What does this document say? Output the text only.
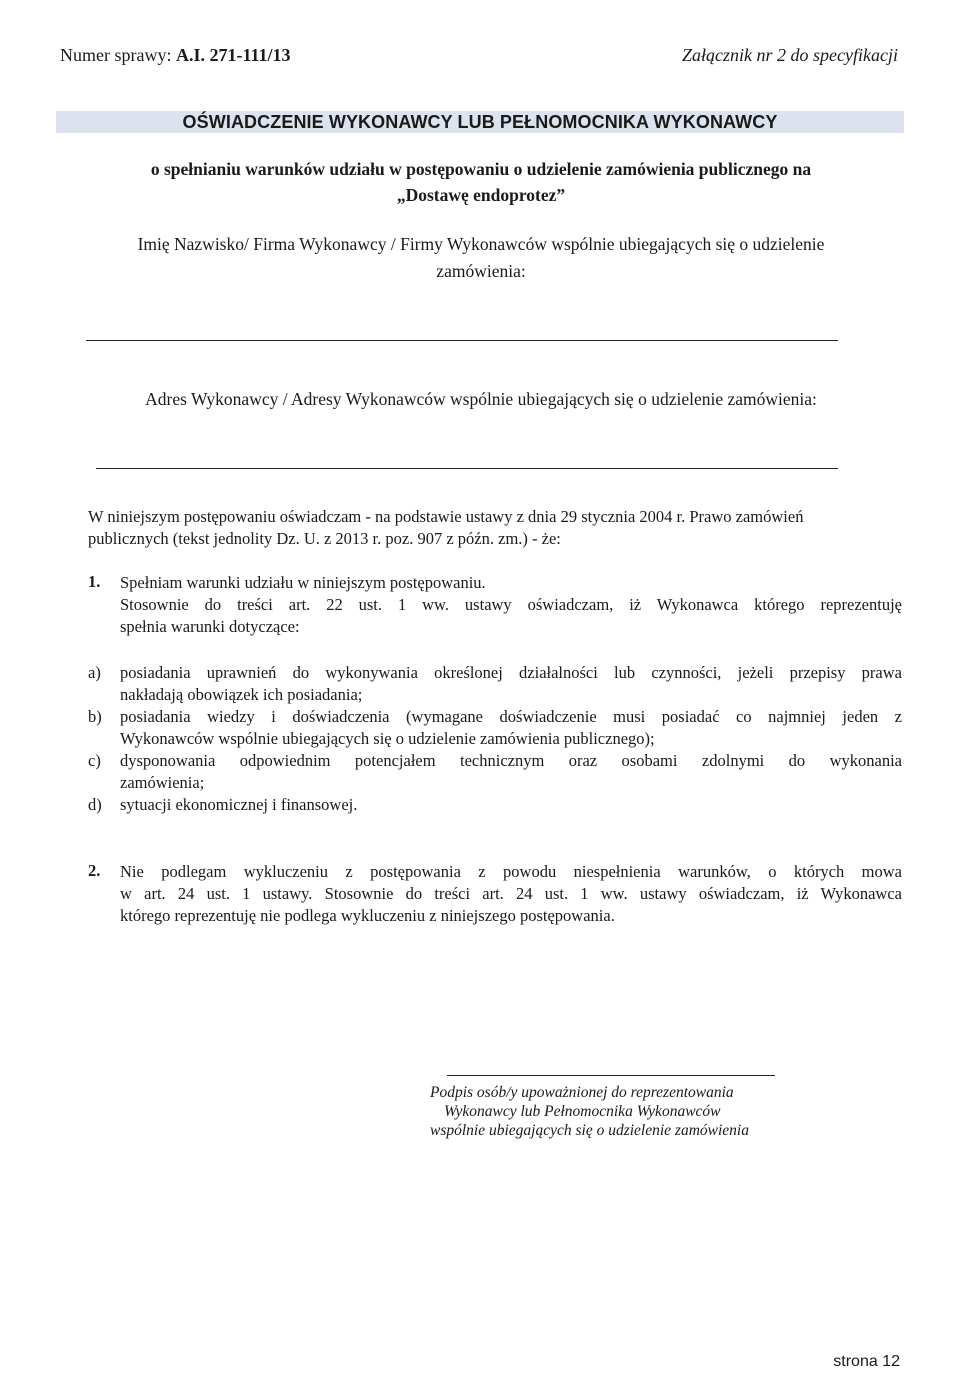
Numer sprawy: A.I. 271-111/13	Załącznik nr 2 do specyfikacji
OŚWIADCZENIE WYKONAWCY LUB PEŁNOMOCNIKA WYKONAWCY
o spełnianiu warunków udziału w postępowaniu o udzielenie zamówienia publicznego na
„Dostawę endoprotez”
Imię Nazwisko/ Firma Wykonawcy / Firmy Wykonawców wspólnie ubiegających się o udzielenie
zamówienia:
Adres Wykonawcy / Adresy Wykonawców wspólnie ubiegających się o udzielenie zamówienia:
W niniejszym postępowaniu oświadczam - na podstawie ustawy z dnia 29 stycznia 2004 r. Prawo zamówień
publicznych (tekst jednolity Dz. U. z 2013 r. poz. 907 z późn. zm.) - że:
1. Spełniam warunki udziału w niniejszym postępowaniu.
Stosownie do treści art. 22 ust. 1 ww. ustawy oświadczam, iż Wykonawca którego reprezentuję
spełnia warunki dotyczące:
a)	posiadania uprawnień do wykonywania określonej działalności lub czynności, jeżeli przepisy prawa
nakładają obowiązek ich posiadania;
b)	posiadania wiedzy i doświadczenia (wymagane doświadczenie musi posiadać co najmniej jeden z
Wykonawców wspólnie ubiegających się o udzielenie zamówienia publicznego);
c)	dysponowania odpowiednim potencjałem technicznym oraz osobami zdolnymi do wykonania
zamówienia;
d)	sytuacji ekonomicznej i finansowej.
2. Nie podlegam wykluczeniu z postępowania z powodu niespełnienia warunków, o których mowa
w art. 24 ust. 1 ustawy. Stosownie do treści art. 24 ust. 1 ww. ustawy oświadczam, iż Wykonawca
którego reprezentuję nie podlega wykluczeniu z niniejszego postępowania.
Podpis osób/y upoważnionej do reprezentowania
Wykonawcy lub Pełnomocnika Wykonawców
wspólnie ubiegających się o udzielenie zamówienia
strona 12
